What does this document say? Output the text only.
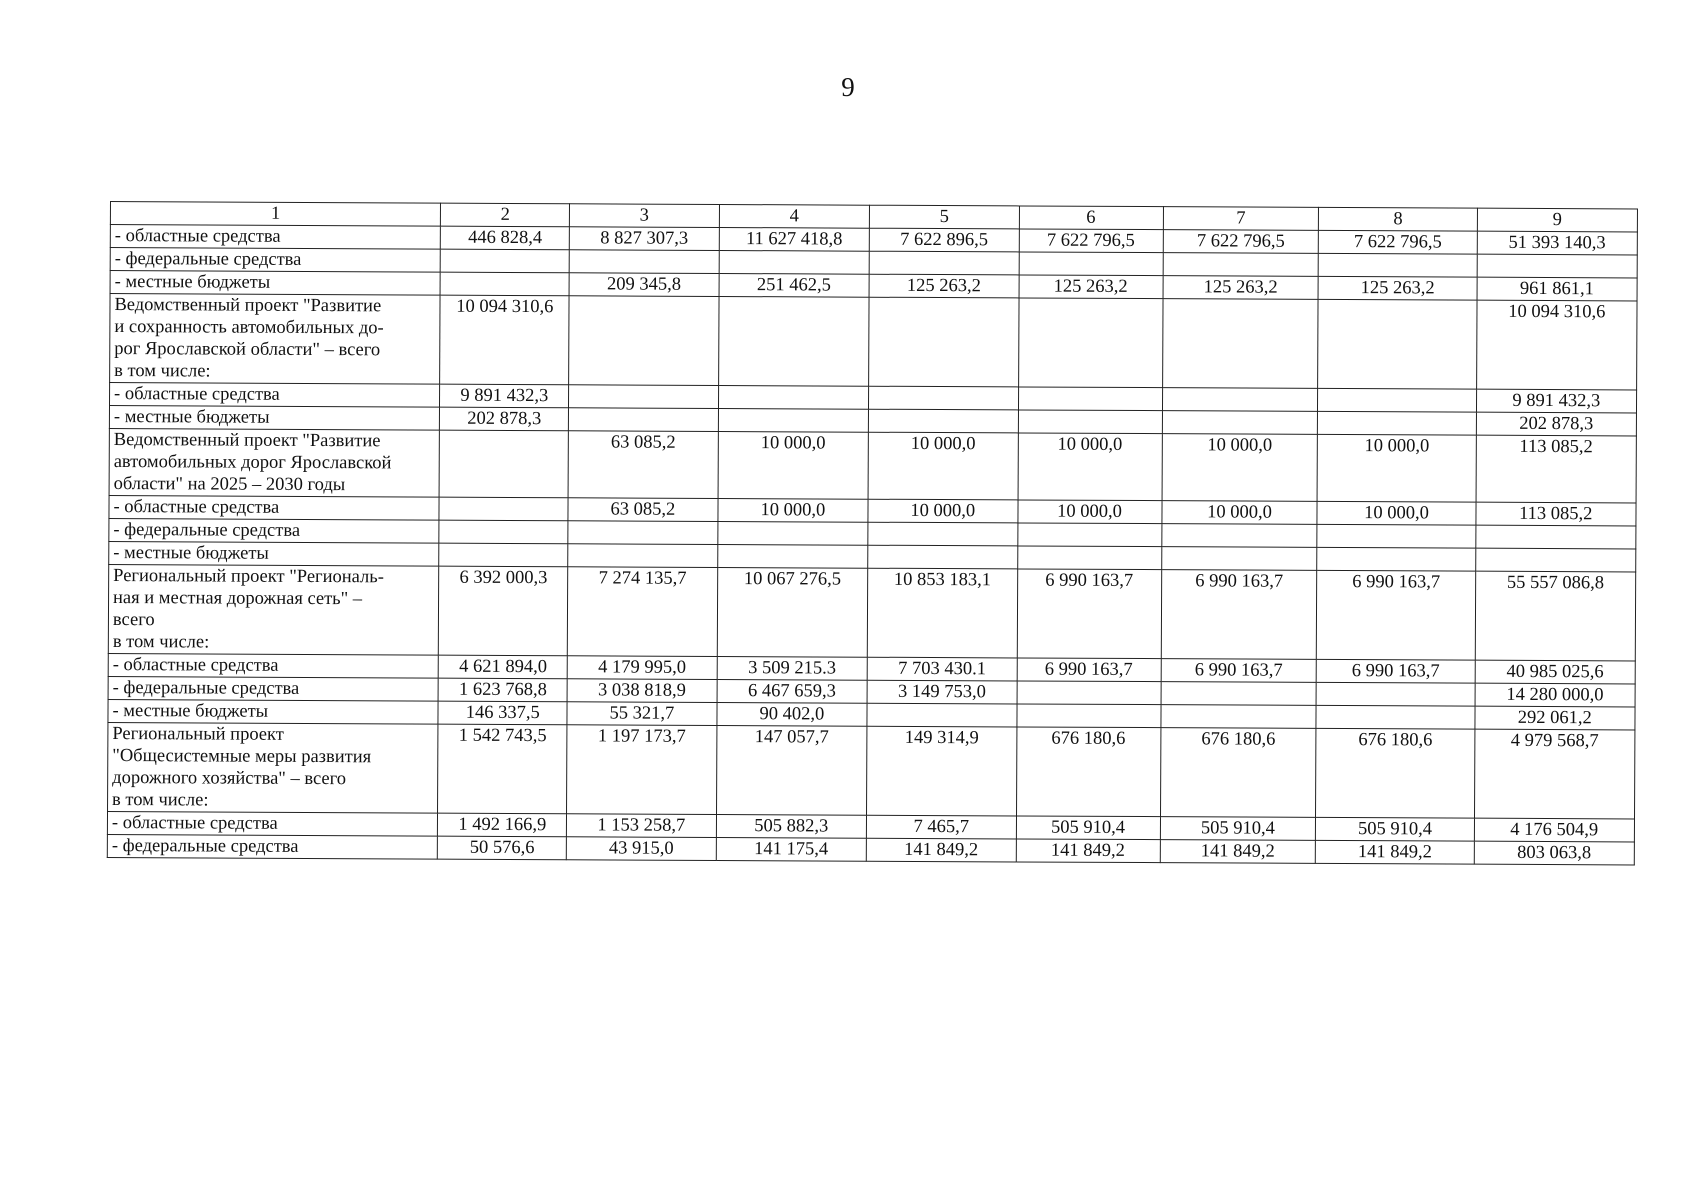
9
1	2	3	4	5	6	7	8	9
- областные средства	446 828,4	8 827 307,3	11 627 418,8	7 622 896,5	7 622 796,5	7 622 796,5	7 622 796,5	51 393 140,3
- федеральные средства								
- местные бюджеты		209 345,8	251 462,5	125 263,2	125 263,2	125 263,2	125 263,2	961 861,1
Ведомственный проект "Развитие
и сохранность автомобильных до-
рог Ярославской области" – всего
в том числе:	10 094 310,6							10 094 310,6
- областные средства	9 891 432,3							9 891 432,3
- местные бюджеты	202 878,3							202 878,3
Ведомственный проект "Развитие
автомобильных дорог Ярославской
области" на 2025 – 2030 годы		63 085,2	10 000,0	10 000,0	10 000,0	10 000,0	10 000,0	113 085,2
- областные средства		63 085,2	10 000,0	10 000,0	10 000,0	10 000,0	10 000,0	113 085,2
- федеральные средства								
- местные бюджеты								
Региональный проект "Региональ-
ная и местная дорожная сеть" –
всего
в том числе:	6 392 000,3	7 274 135,7	10 067 276,5	10 853 183,1	6 990 163,7	6 990 163,7	6 990 163,7	55 557 086,8
- областные средства	4 621 894,0	4 179 995,0	3 509 215.3	7 703 430.1	6 990 163,7	6 990 163,7	6 990 163,7	40 985 025,6
- федеральные средства	1 623 768,8	3 038 818,9	6 467 659,3	3 149 753,0				14 280 000,0
- местные бюджеты	146 337,5	55 321,7	90 402,0					292 061,2
Региональный проект
"Общесистемные меры развития
дорожного хозяйства" – всего
в том числе:	1 542 743,5	1 197 173,7	147 057,7	149 314,9	676 180,6	676 180,6	676 180,6	4 979 568,7
- областные средства	1 492 166,9	1 153 258,7	505 882,3	7 465,7	505 910,4	505 910,4	505 910,4	4 176 504,9
- федеральные средства	50 576,6	43 915,0	141 175,4	141 849,2	141 849,2	141 849,2	141 849,2	803 063,8
